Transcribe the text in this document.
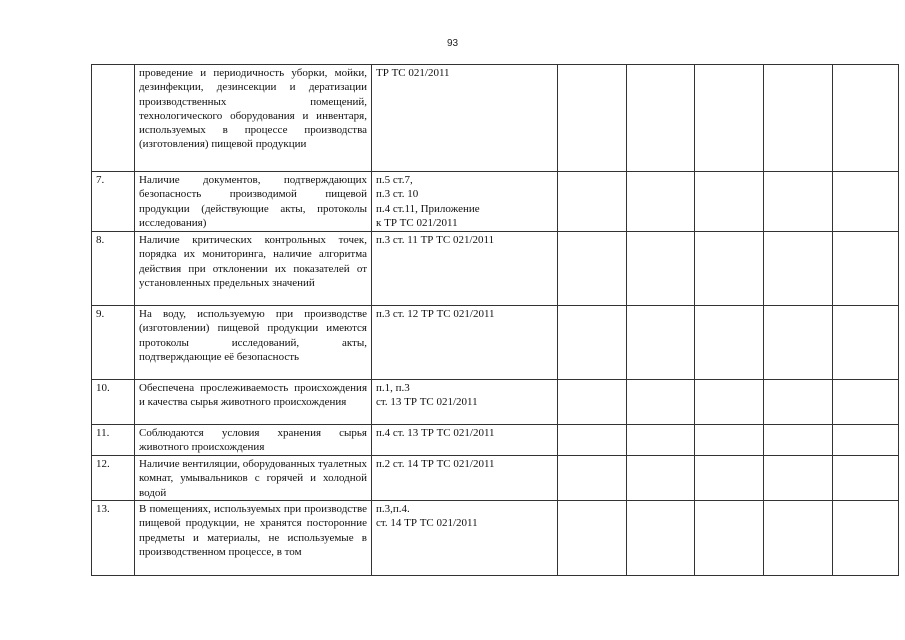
93
	проведение и периодичность уборки, мойки, дезинфекции, дезинсекции и дератизации производственных помещений, технологического оборудования и инвентаря, используемых в процессе производства (изготовления) пищевой продукции	ТР ТС 021/2011					
7.	Наличие документов, подтверждающих безопасность производимой пищевой продукции (действующие акты, протоколы исследования)	п.5 ст.7,
п.3 ст. 10
п.4 ст.11, Приложение
к ТР ТС 021/2011					
8.	Наличие критических контрольных точек, порядка их мониторинга, наличие алгоритма действия при отклонении их показателей от установленных предельных значений	п.3 ст. 11 ТР ТС 021/2011					
9.	На воду, используемую при производстве (изготовлении) пищевой продукции имеются протоколы исследований, акты, подтверждающие её безопасность	п.3 ст. 12 ТР ТС 021/2011					
10.	Обеспечена прослеживаемость происхождения и качества сырья животного происхождения	п.1, п.3
ст. 13 ТР ТС 021/2011					
11.	Соблюдаются условия хранения сырья животного происхождения	п.4 ст. 13 ТР ТС 021/2011					
12.	Наличие вентиляции, оборудованных туалетных комнат, умывальников с горячей и холодной водой	п.2 ст. 14 ТР ТС 021/2011					
13.	В помещениях, используемых при производстве пищевой продукции, не хранятся посторонние предметы и материалы, не используемые в производственном процессе, в том	п.3,п.4.
ст. 14 ТР ТС 021/2011					
